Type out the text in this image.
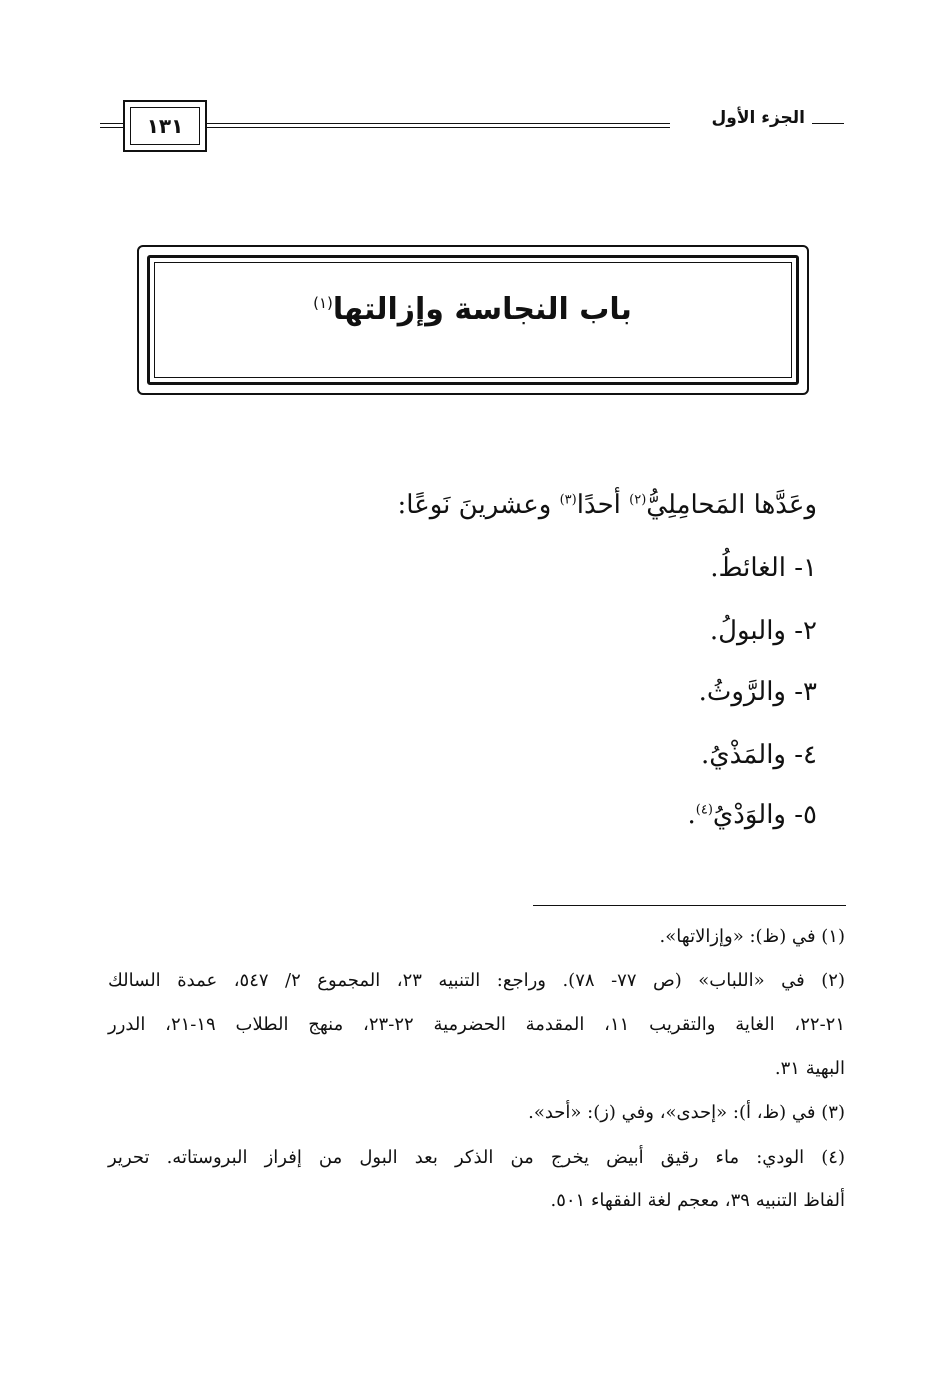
١٣١	الجزء الأول
باب النجاسة وإزالتها$^{(١)}$
وعَدَّها المَحامِلِيُّ$^{(٢)}$ أحدًا$^{(٣)}$ وعشرينَ نَوعًا:
١- الغائطُ.
٢- والبولُ.
٣- والرَّوثُ.
٤- والمَذْيُ.
٥- والوَدْيُ$^{(٤)}$.
(١) في (ظ): «وإزالاتها».
(٢) في «اللباب» (ص ٧٧- ٧٨). وراجع: التنبيه ٢٣، المجموع ٢/ ٥٤٧، عمدة السالك
٢١-٢٢، الغاية والتقريب ١١، المقدمة الحضرمية ٢٢-٢٣، منهج الطلاب ١٩-٢١، الدرر
البهية ٣١.
(٣) في (ظ، أ): «إحدى»، وفي (ز): «أحد».
(٤) الودي: ماء رقيق أبيض يخرج من الذكر بعد البول من إفراز البروستاته. تحرير
ألفاظ التنبيه ٣٩، معجم لغة الفقهاء ٥٠١.
